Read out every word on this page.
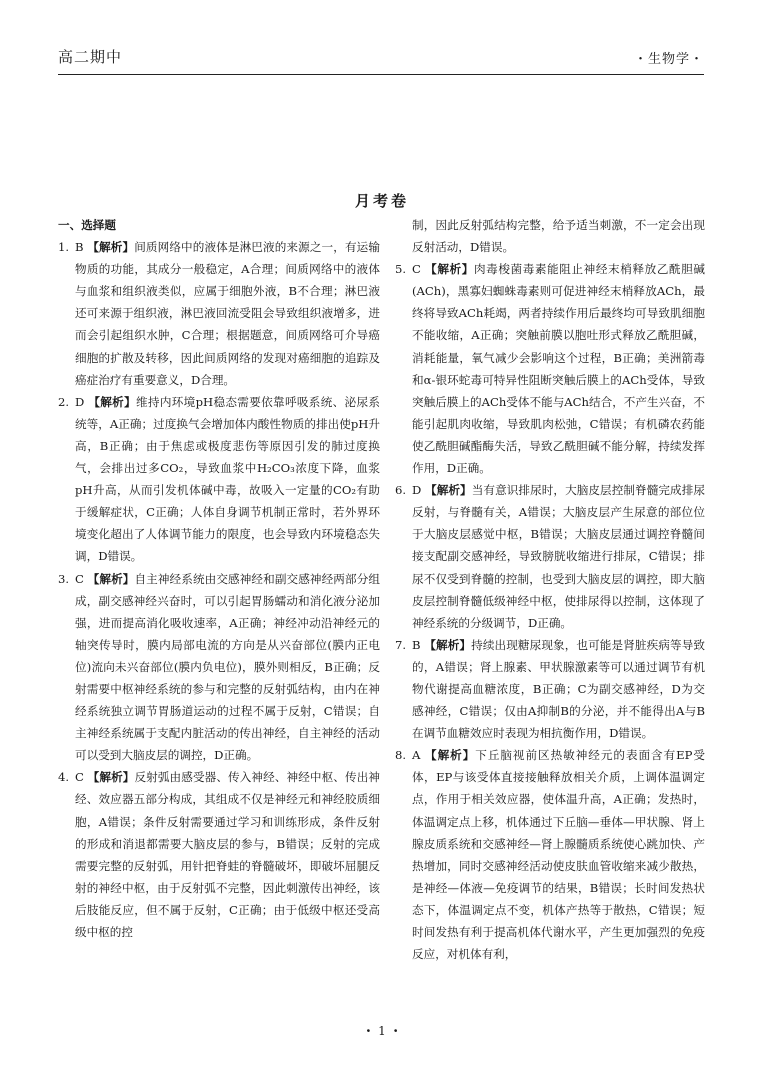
高二期中	・生物学・
月考卷
一、选择题
1. B 【解析】间质网络中的液体是淋巴液的来源之一，有运输物质的功能，其成分一般稳定，A合理；间质网络中的液体与血浆和组织液类似，应属于细胞外液，B不合理；淋巴液还可来源于组织液，淋巴液回流受阻会导致组织液增多，进而会引起组织水肿，C合理；根据题意，间质网络可介导癌细胞的扩散及转移，因此间质网络的发现对癌细胞的追踪及癌症治疗有重要意义，D合理。
2. D 【解析】维持内环境pH稳态需要依靠呼吸系统、泌尿系统等，A正确；过度换气会增加体内酸性物质的排出使pH升高，B正确；由于焦虑或极度悲伤等原因引发的肺过度换气，会排出过多CO₂，导致血浆中H₂CO₃浓度下降，血浆pH升高，从而引发机体碱中毒，故吸入一定量的CO₂有助于缓解症状，C正确；人体自身调节机制正常时，若外界环境变化超出了人体调节能力的限度，也会导致内环境稳态失调，D错误。
3. C 【解析】自主神经系统由交感神经和副交感神经两部分组成，副交感神经兴奋时，可以引起胃肠蠕动和消化液分泌加强，进而提高消化吸收速率，A正确；神经冲动沿神经元的轴突传导时，膜内局部电流的方向是从兴奋部位(膜内正电位)流向未兴奋部位(膜内负电位)，膜外则相反，B正确；反射需要中枢神经系统的参与和完整的反射弧结构，由内在神经系统独立调节胃肠道运动的过程不属于反射，C错误；自主神经系统属于支配内脏活动的传出神经，自主神经的活动可以受到大脑皮层的调控，D正确。
4. C 【解析】反射弧由感受器、传入神经、神经中枢、传出神经、效应器五部分构成，其组成不仅是神经元和神经胶质细胞，A错误；条件反射需要通过学习和训练形成，条件反射的形成和消退都需要大脑皮层的参与，B错误；反射的完成需要完整的反射弧，用针把脊蛙的脊髓破坏，即破坏屈腿反射的神经中枢，由于反射弧不完整，因此刺激传出神经，该后肢能反应，但不属于反射，C正确；由于低级中枢还受高级中枢的控
制，因此反射弧结构完整，给予适当刺激，不一定会出现反射活动，D错误。
5. C 【解析】肉毒梭菌毒素能阻止神经末梢释放乙酰胆碱(ACh)，黑寡妇蜘蛛毒素则可促进神经末梢释放ACh，最终将导致ACh耗竭，两者持续作用后最终均可导致肌细胞不能收缩，A正确；突触前膜以胞吐形式释放乙酰胆碱，消耗能量，氧气减少会影响这个过程，B正确；美洲箭毒和α-银环蛇毒可特异性阻断突触后膜上的ACh受体，导致突触后膜上的ACh受体不能与ACh结合，不产生兴奋，不能引起肌肉收缩，导致肌肉松弛，C错误；有机磷农药能使乙酰胆碱酯酶失活，导致乙酰胆碱不能分解，持续发挥作用，D正确。
6. D 【解析】当有意识排尿时，大脑皮层控制脊髓完成排尿反射，与脊髓有关，A错误；大脑皮层产生尿意的部位位于大脑皮层感觉中枢，B错误；大脑皮层通过调控脊髓间接支配副交感神经，导致膀胱收缩进行排尿，C错误；排尿不仅受到脊髓的控制，也受到大脑皮层的调控，即大脑皮层控制脊髓低级神经中枢，使排尿得以控制，这体现了神经系统的分级调节，D正确。
7. B 【解析】持续出现糖尿现象，也可能是肾脏疾病等导致的，A错误；肾上腺素、甲状腺激素等可以通过调节有机物代谢提高血糖浓度，B正确；C为副交感神经，D为交感神经，C错误；仅由A抑制B的分泌，并不能得出A与B在调节血糖效应时表现为相抗衡作用，D错误。
8. A 【解析】下丘脑视前区热敏神经元的表面含有EP受体，EP与该受体直接接触释放相关介质，上调体温调定点，作用于相关效应器，使体温升高，A正确；发热时，体温调定点上移，机体通过下丘脑—垂体—甲状腺、肾上腺皮质系统和交感神经—肾上腺髓质系统使心跳加快、产热增加，同时交感神经活动使皮肤血管收缩来减少散热，是神经—体液—免疫调节的结果，B错误；长时间发热状态下，体温调定点不变，机体产热等于散热，C错误；短时间发热有利于提高机体代谢水平，产生更加强烈的免疫反应，对机体有利，
・ 1 ・
